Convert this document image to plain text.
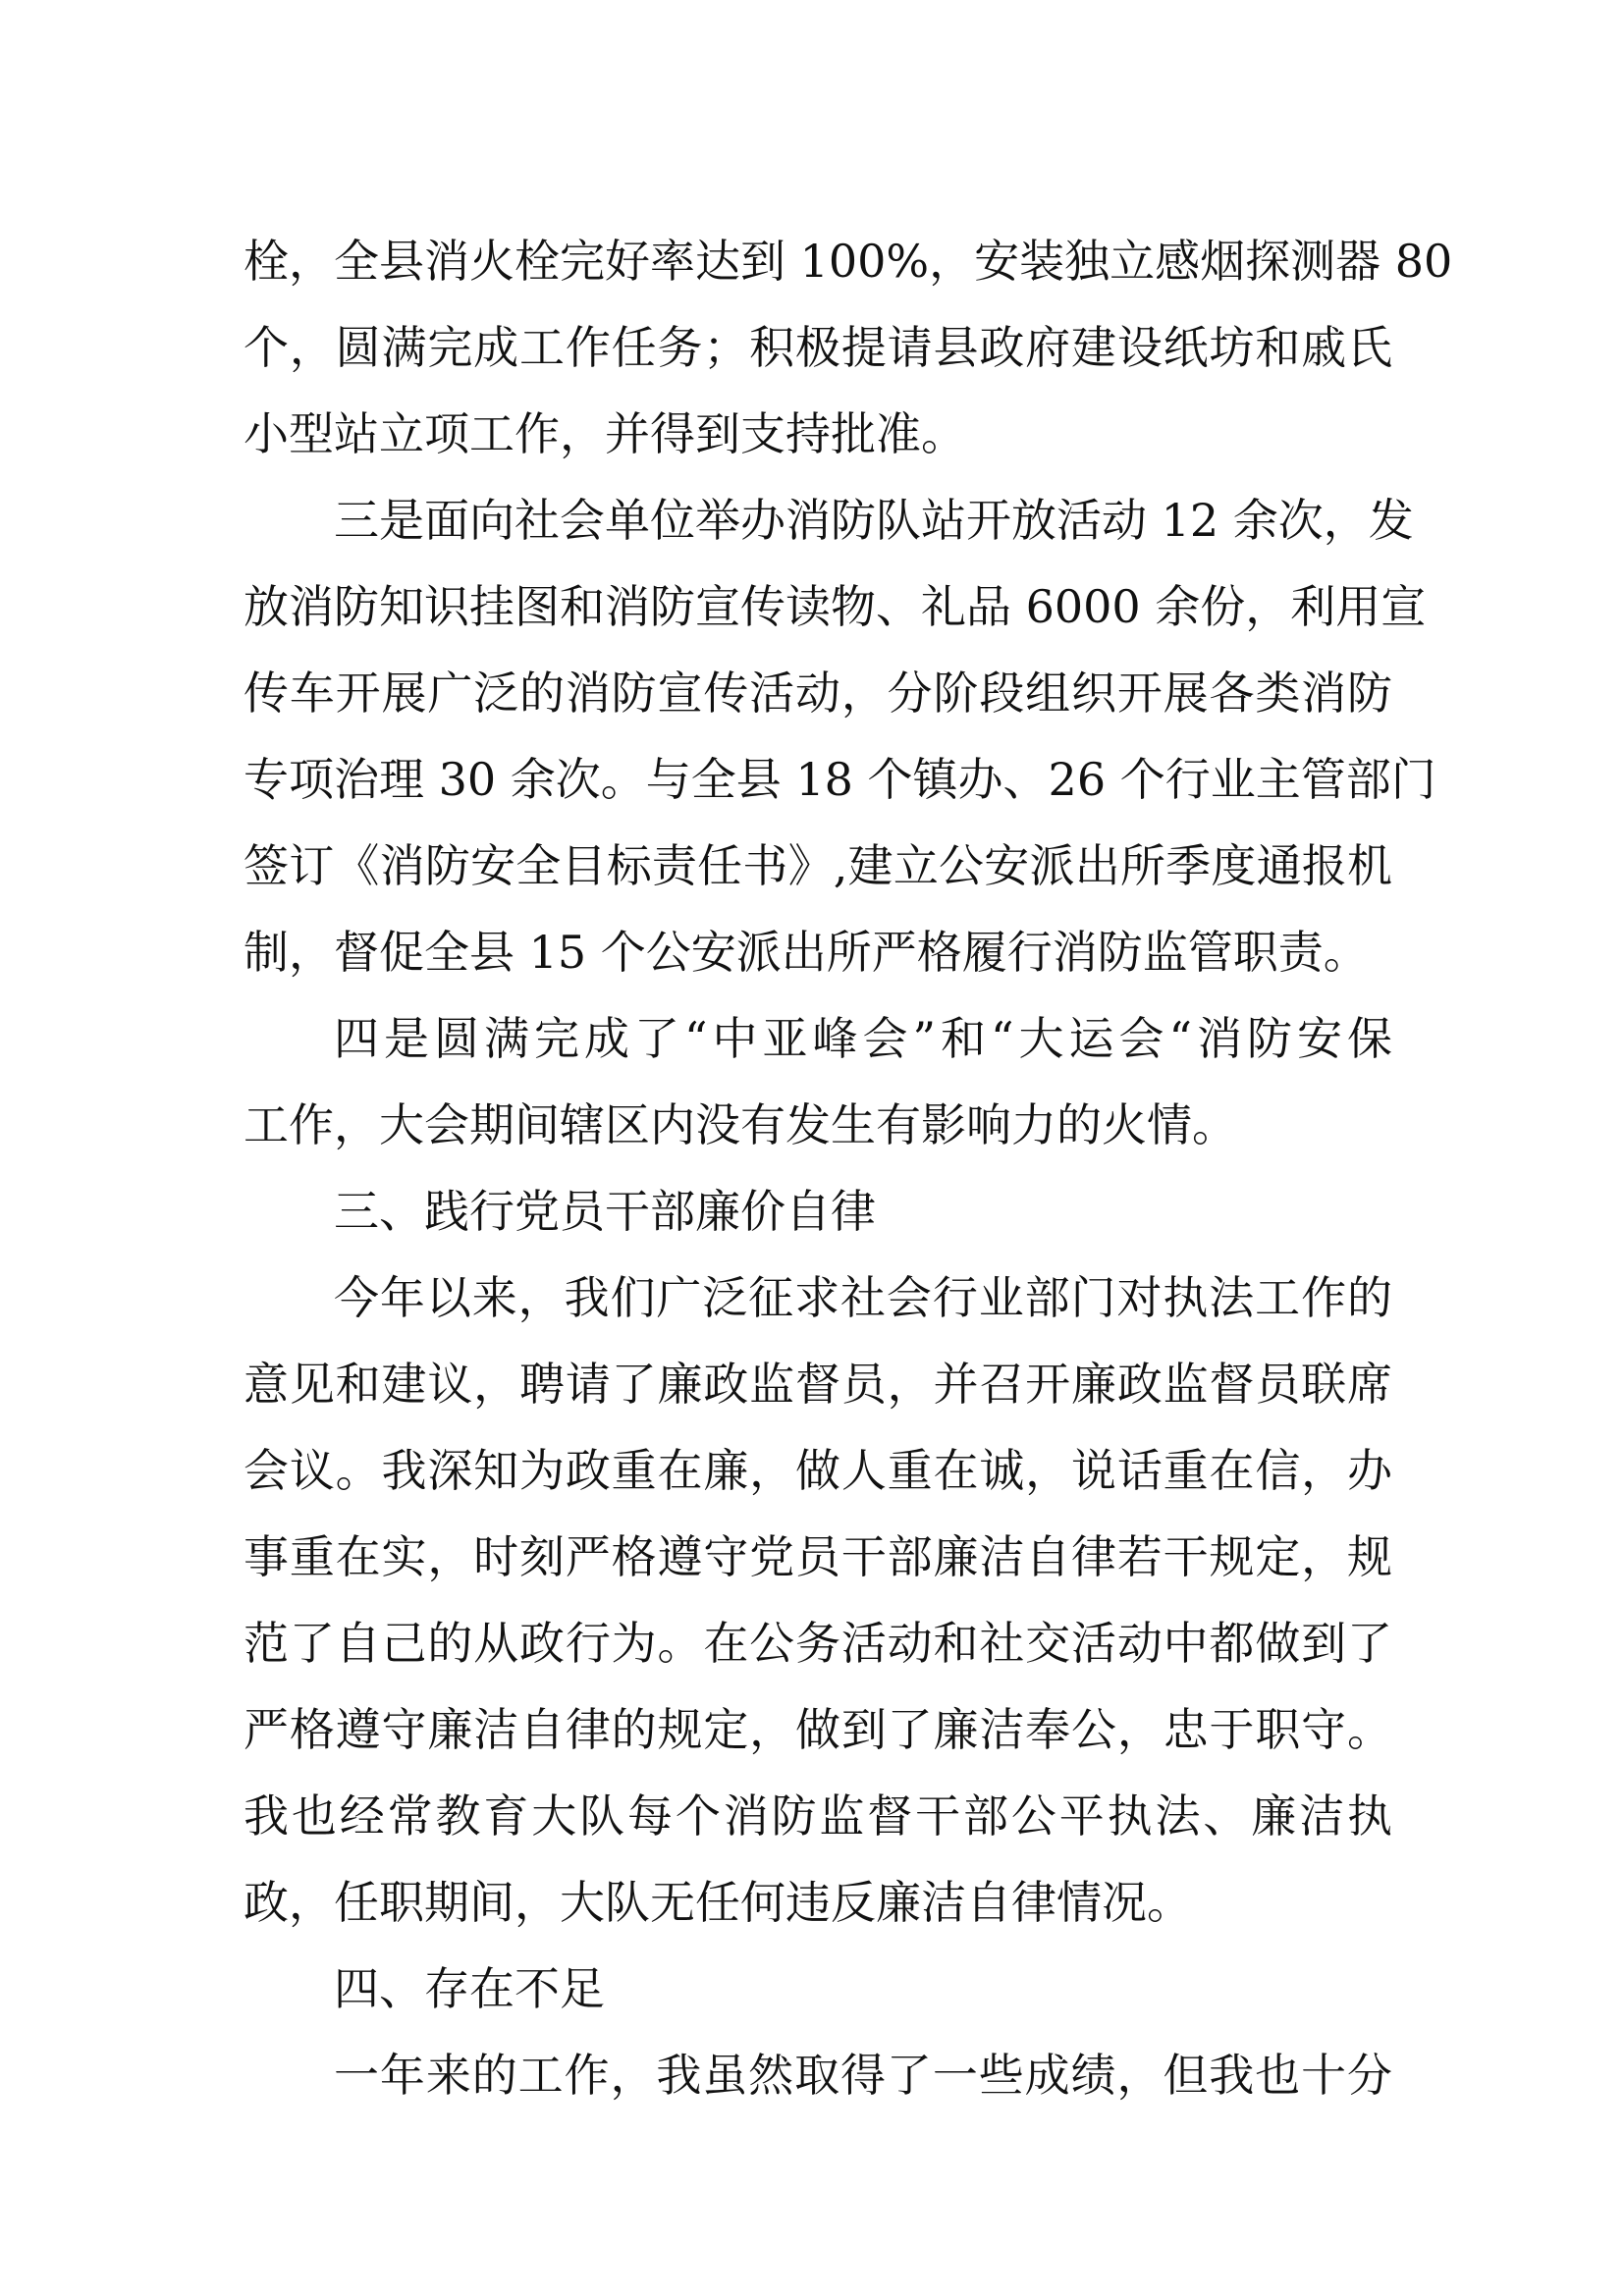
栓，全县消火栓完好率达到 100%，安装独立感烟探测器 80
个，圆满完成工作任务；积极提请县政府建设纸坊和戚氏
小型站立项工作，并得到支持批准。
三是面向社会单位举办消防队站开放活动 12 余次，发
放消防知识挂图和消防宣传读物、礼品 6000 余份，利用宣
传车开展广泛的消防宣传活动，分阶段组织开展各类消防
专项治理 30 余次。与全县 18 个镇办、26 个行业主管部门
签订《消防安全目标责任书》,建立公安派出所季度通报机
制，督促全县 15 个公安派出所严格履行消防监管职责。
四是圆满完成了“中亚峰会”和“大运会“消防安保
工作，大会期间辖区内没有发生有影响力的火情。
三、践行党员干部廉价自律
今年以来，我们广泛征求社会行业部门对执法工作的
意见和建议，聘请了廉政监督员，并召开廉政监督员联席
会议。我深知为政重在廉，做人重在诚，说话重在信，办
事重在实，时刻严格遵守党员干部廉洁自律若干规定，规
范了自己的从政行为。在公务活动和社交活动中都做到了
严格遵守廉洁自律的规定，做到了廉洁奉公，忠于职守。
我也经常教育大队每个消防监督干部公平执法、廉洁执
政，任职期间，大队无任何违反廉洁自律情况。
四、存在不足
一年来的工作，我虽然取得了一些成绩，但我也十分
